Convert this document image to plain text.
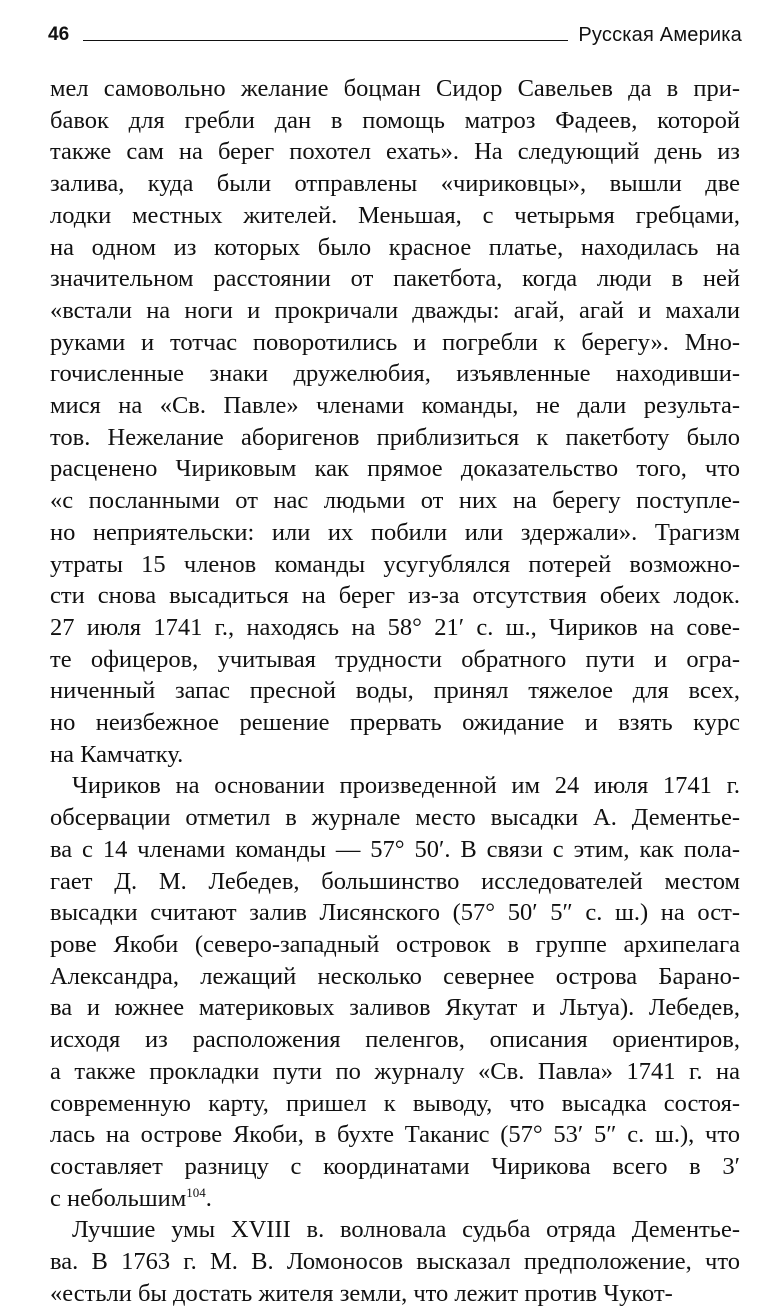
46	Русская Америка

мел самовольно желание боцман Сидор Савельев да в при-
бавок для гребли дан в помощь матроз Фадеев, которой
также сам на берег похотел ехать». На следующий день из
залива, куда были отправлены «чириковцы», вышли две
лодки местных жителей. Меньшая, с четырьмя гребцами,
на одном из которых было красное платье, находилась на
значительном расстоянии от пакетбота, когда люди в ней
«встали на ноги и прокричали дважды: агай, агай и махали
руками и тотчас поворотились и погребли к берегу». Мно-
гочисленные знаки дружелюбия, изъявленные находивши-
мися на «Св. Павле» членами команды, не дали результа-
тов. Нежелание аборигенов приблизиться к пакетботу было
расценено Чириковым как прямое доказательство того, что
«с посланными от нас людьми от них на берегу поступле-
но неприятельски: или их побили или здержали». Трагизм
утраты 15 членов команды усугублялся потерей возможно-
сти снова высадиться на берег из-за отсутствия обеих лодок.
27 июля 1741 г., находясь на 58° 21′ с. ш., Чириков на сове-
те офицеров, учитывая трудности обратного пути и огра-
ниченный запас пресной воды, принял тяжелое для всех,
но неизбежное решение прервать ожидание и взять курс
на Камчатку.

Чириков на основании произведенной им 24 июля 1741 г.
обсервации отметил в журнале место высадки А. Дементье-
ва с 14 членами команды — 57° 50′. В связи с этим, как пола-
гает Д. М. Лебедев, большинство исследователей местом
высадки считают залив Лисянского (57° 50′ 5″ с. ш.) на ост-
рове Якоби (северо-западный островок в группе архипелага
Александра, лежащий несколько севернее острова Барано-
ва и южнее материковых заливов Якутат и Льтуа). Лебедев,
исходя из расположения пеленгов, описания ориентиров,
а также прокладки пути по журналу «Св. Павла» 1741 г. на
современную карту, пришел к выводу, что высадка состоя-
лась на острове Якоби, в бухте Таканис (57° 53′ 5″ с. ш.), что
составляет разницу с координатами Чирикова всего в 3′
с небольшим$^{104}$.

Лучшие умы XVIII в. волновала судьба отряда Дементье-
ва. В 1763 г. М. В. Ломоносов высказал предположение, что
«естьли бы достать жителя земли, что лежит против Чукот-
